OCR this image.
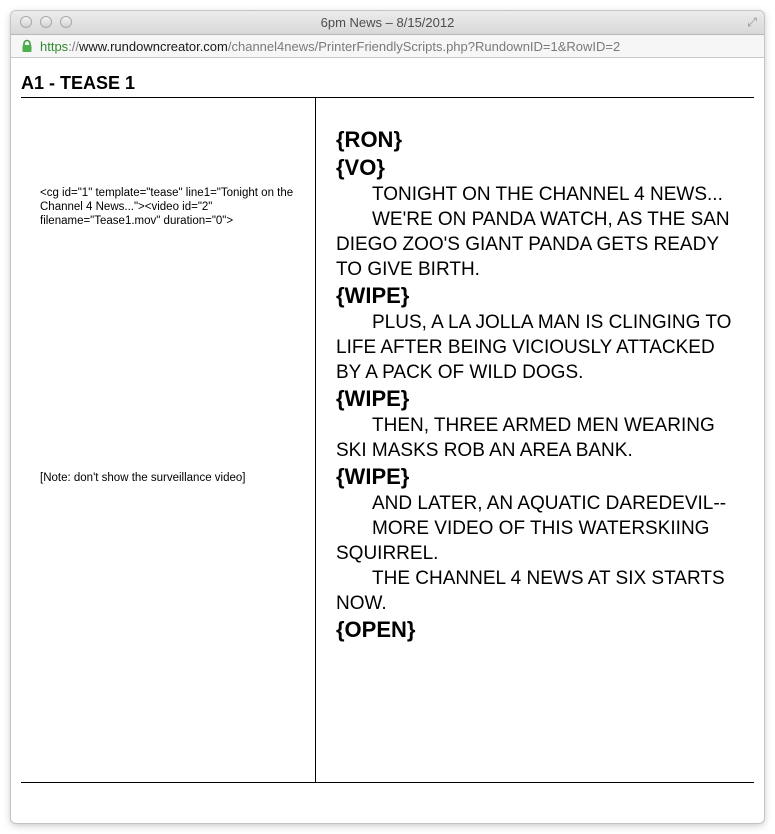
6pm News – 8/15/2012	⤢
https://www.rundowncreator.com/channel4news/PrinterFriendlyScripts.php?RundownID=1&RowID=2
A1 - TEASE 1
<cg id="1" template="tease" line1="Tonight on the Channel 4 News..."><video id="2" filename="Tease1.mov" duration="0">
[Note: don't show the surveillance video]
{RON}
{VO}
TONIGHT ON THE CHANNEL 4 NEWS...
WE'RE ON PANDA WATCH, AS THE SAN DIEGO ZOO'S GIANT PANDA GETS READY TO GIVE BIRTH.
{WIPE}
PLUS, A LA JOLLA MAN IS CLINGING TO LIFE AFTER BEING VICIOUSLY ATTACKED BY A PACK OF WILD DOGS.
{WIPE}
THEN, THREE ARMED MEN WEARING SKI MASKS ROB AN AREA BANK.
{WIPE}
AND LATER, AN AQUATIC DAREDEVIL--
MORE VIDEO OF THIS WATERSKIING SQUIRREL.
THE CHANNEL 4 NEWS AT SIX STARTS NOW.
{OPEN}
